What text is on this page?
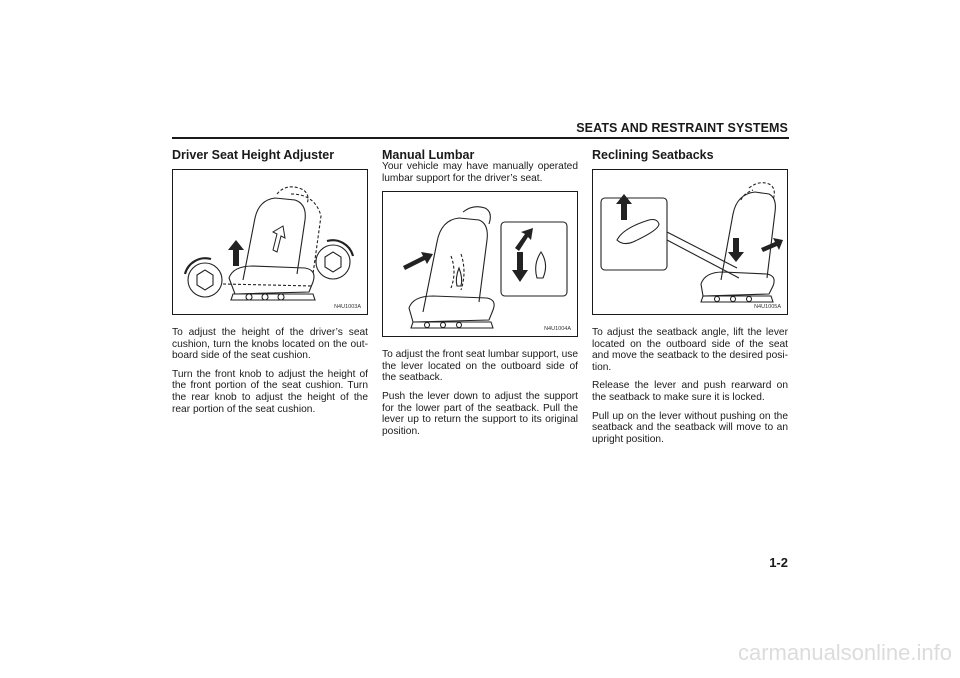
SEATS AND RESTRAINT SYSTEMS
Driver Seat Height Adjuster
N4U1003A

To adjust the height of the driver’s seat cushion, turn the knobs located on the out-board side of the seat cushion.

Turn the front knob to adjust the height of the front portion of the seat cushion. Turn the rear knob to adjust the height of the rear portion of the seat cushion.

Manual Lumbar

Your vehicle may have manually operated lumbar support for the driver’s seat.

N4U1004A

To adjust the front seat lumbar support, use the lever located on the outboard side of the seatback.

Push the lever down to adjust the support for the lower part of the seatback. Pull the lever up to return the support to its original position.

Reclining Seatbacks
N4U1005A

To adjust the seatback angle, lift the lever located on the outboard side of the seat and move the seatback to the desired posi-tion.

Release the lever and push rearward on the seatback to make sure it is locked.

Pull up on the lever without pushing on the seatback and the seatback will move to an upright position.

1-2
carmanualsonline.info
